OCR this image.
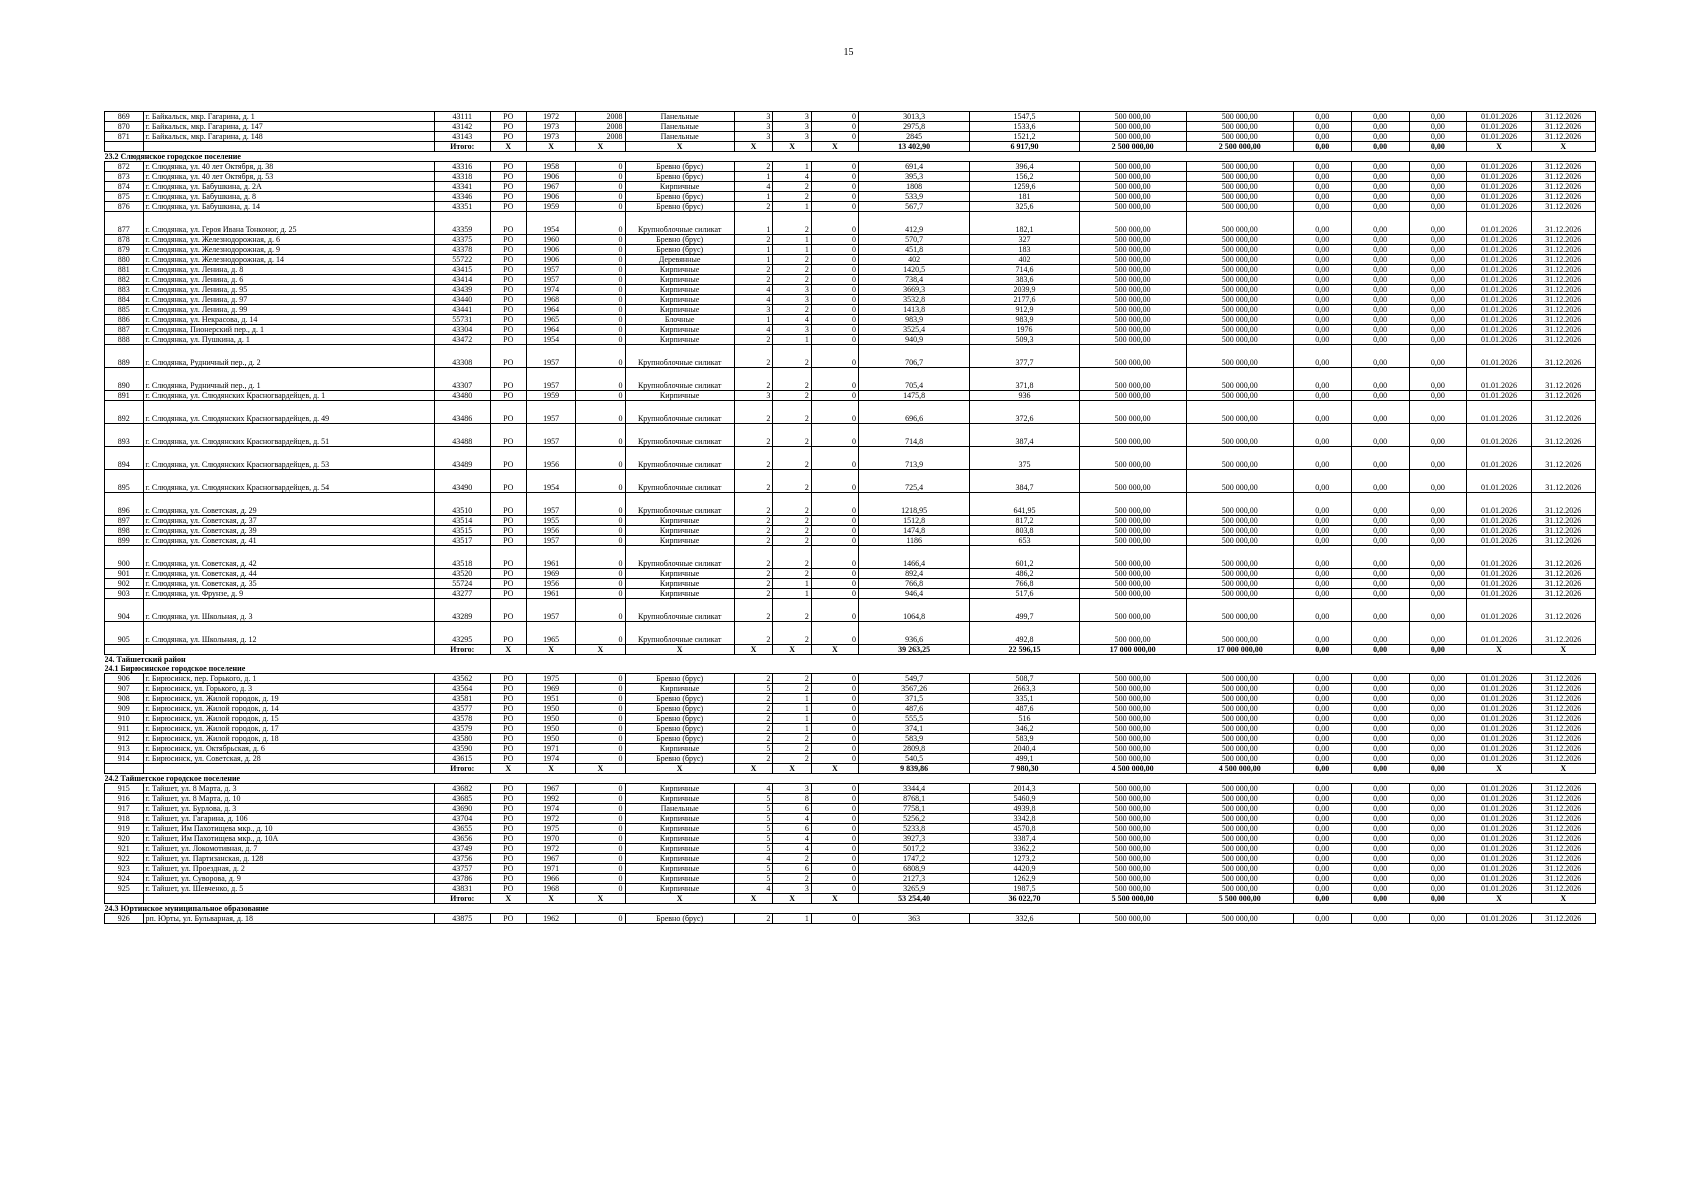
15
869	г. Байкальск, мкр. Гагарина, д. 1	43111	РО	1972	2008	Панельные	3	3	0	3013,3	1547,5	500 000,00	500 000,00	0,00	0,00	0,00	01.01.2026	31.12.2026
870	г. Байкальск, мкр. Гагарина, д. 147	43142	РО	1973	2008	Панельные	3	3	0	2975,8	1533,6	500 000,00	500 000,00	0,00	0,00	0,00	01.01.2026	31.12.2026
871	г. Байкальск, мкр. Гагарина, д. 148	43143	РО	1973	2008	Панельные	3	3	0	2845	1521,2	500 000,00	500 000,00	0,00	0,00	0,00	01.01.2026	31.12.2026
		Итого:	X	X	X	X	X	X	X	13 402,90	6 917,90	2 500 000,00	2 500 000,00	0,00	0,00	0,00	X	X
23.2 Слюдянское городское поселение																		
872	г. Слюдянка, ул. 40 лет Октября, д. 38	43316	РО	1958	0	Бревно (брус)	2	1	0	691,4	396,4	500 000,00	500 000,00	0,00	0,00	0,00	01.01.2026	31.12.2026
873	г. Слюдянка, ул. 40 лет Октября, д. 53	43318	РО	1906	0	Бревно (брус)	1	4	0	395,3	156,2	500 000,00	500 000,00	0,00	0,00	0,00	01.01.2026	31.12.2026
874	г. Слюдянка, ул. Бабушкина, д. 2А	43341	РО	1967	0	Кирпичные	4	2	0	1808	1259,6	500 000,00	500 000,00	0,00	0,00	0,00	01.01.2026	31.12.2026
875	г. Слюдянка, ул. Бабушкина, д. 8	43346	РО	1906	0	Бревно (брус)	1	2	0	533,9	181	500 000,00	500 000,00	0,00	0,00	0,00	01.01.2026	31.12.2026
876	г. Слюдянка, ул. Бабушкина, д. 14	43351	РО	1959	0	Бревно (брус)	2	1	0	567,7	325,6	500 000,00	500 000,00	0,00	0,00	0,00	01.01.2026	31.12.2026
877	г. Слюдянка, ул. Героя Ивана Тонконог, д. 25	43359	РО	1954	0	Крупноблочные силикат	1	2	0	412,9	182,1	500 000,00	500 000,00	0,00	0,00	0,00	01.01.2026	31.12.2026
878	г. Слюдянка, ул. Железнодорожная, д. 6	43375	РО	1960	0	Бревно (брус)	2	1	0	570,7	327	500 000,00	500 000,00	0,00	0,00	0,00	01.01.2026	31.12.2026
879	г. Слюдянка, ул. Железнодорожная, д. 9	43378	РО	1906	0	Бревно (брус)	1	1	0	451,8	183	500 000,00	500 000,00	0,00	0,00	0,00	01.01.2026	31.12.2026
880	г. Слюдянка, ул. Железнодорожная, д. 14	55722	РО	1906	0	Деревянные	1	2	0	402	402	500 000,00	500 000,00	0,00	0,00	0,00	01.01.2026	31.12.2026
881	г. Слюдянка, ул. Ленина, д. 8	43415	РО	1957	0	Кирпичные	2	2	0	1420,5	714,6	500 000,00	500 000,00	0,00	0,00	0,00	01.01.2026	31.12.2026
882	г. Слюдянка, ул. Ленина, д. 6	43414	РО	1957	0	Кирпичные	2	2	0	738,4	383,6	500 000,00	500 000,00	0,00	0,00	0,00	01.01.2026	31.12.2026
883	г. Слюдянка, ул. Ленина, д. 95	43439	РО	1974	0	Кирпичные	4	3	0	3669,3	2039,9	500 000,00	500 000,00	0,00	0,00	0,00	01.01.2026	31.12.2026
884	г. Слюдянка, ул. Ленина, д. 97	43440	РО	1968	0	Кирпичные	4	3	0	3532,8	2177,6	500 000,00	500 000,00	0,00	0,00	0,00	01.01.2026	31.12.2026
885	г. Слюдянка, ул. Ленина, д. 99	43441	РО	1964	0	Кирпичные	3	2	0	1413,8	912,9	500 000,00	500 000,00	0,00	0,00	0,00	01.01.2026	31.12.2026
886	г. Слюдянка, ул. Некрасова, д. 14	55731	РО	1965	0	Блочные	1	4	0	983,9	983,9	500 000,00	500 000,00	0,00	0,00	0,00	01.01.2026	31.12.2026
887	г. Слюдянка, Пионерский пер., д. 1	43304	РО	1964	0	Кирпичные	4	3	0	3525,4	1976	500 000,00	500 000,00	0,00	0,00	0,00	01.01.2026	31.12.2026
888	г. Слюдянка, ул. Пушкина, д. 1	43472	РО	1954	0	Кирпичные	2	1	0	940,9	509,3	500 000,00	500 000,00	0,00	0,00	0,00	01.01.2026	31.12.2026
889	г. Слюдянка, Рудничный пер., д. 2	43308	РО	1957	0	Крупноблочные силикат	2	2	0	706,7	377,7	500 000,00	500 000,00	0,00	0,00	0,00	01.01.2026	31.12.2026
890	г. Слюдянка, Рудничный пер., д. 1	43307	РО	1957	0	Крупноблочные силикат	2	2	0	705,4	371,8	500 000,00	500 000,00	0,00	0,00	0,00	01.01.2026	31.12.2026
891	г. Слюдянка, ул. Слюдянских Красногвардейцев, д. 1	43480	РО	1959	0	Кирпичные	3	2	0	1475,8	936	500 000,00	500 000,00	0,00	0,00	0,00	01.01.2026	31.12.2026
892	г. Слюдянка, ул. Слюдянских Красногвардейцев, д. 49	43486	РО	1957	0	Крупноблочные силикат	2	2	0	696,6	372,6	500 000,00	500 000,00	0,00	0,00	0,00	01.01.2026	31.12.2026
893	г. Слюдянка, ул. Слюдянских Красногвардейцев, д. 51	43488	РО	1957	0	Крупноблочные силикат	2	2	0	714,8	387,4	500 000,00	500 000,00	0,00	0,00	0,00	01.01.2026	31.12.2026
894	г. Слюдянка, ул. Слюдянских Красногвардейцев, д. 53	43489	РО	1956	0	Крупноблочные силикат	2	2	0	713,9	375	500 000,00	500 000,00	0,00	0,00	0,00	01.01.2026	31.12.2026
895	г. Слюдянка, ул. Слюдянских Красногвардейцев, д. 54	43490	РО	1954	0	Крупноблочные силикат	2	2	0	725,4	384,7	500 000,00	500 000,00	0,00	0,00	0,00	01.01.2026	31.12.2026
896	г. Слюдянка, ул. Советская, д. 29	43510	РО	1957	0	Крупноблочные силикат	2	2	0	1218,95	641,95	500 000,00	500 000,00	0,00	0,00	0,00	01.01.2026	31.12.2026
897	г. Слюдянка, ул. Советская, д. 37	43514	РО	1955	0	Кирпичные	2	2	0	1512,8	817,2	500 000,00	500 000,00	0,00	0,00	0,00	01.01.2026	31.12.2026
898	г. Слюдянка, ул. Советская, д. 39	43515	РО	1956	0	Кирпичные	2	2	0	1474,8	803,8	500 000,00	500 000,00	0,00	0,00	0,00	01.01.2026	31.12.2026
899	г. Слюдянка, ул. Советская, д. 41	43517	РО	1957	0	Кирпичные	2	2	0	1186	653	500 000,00	500 000,00	0,00	0,00	0,00	01.01.2026	31.12.2026
900	г. Слюдянка, ул. Советская, д. 42	43518	РО	1961	0	Крупноблочные силикат	2	2	0	1466,4	601,2	500 000,00	500 000,00	0,00	0,00	0,00	01.01.2026	31.12.2026
901	г. Слюдянка, ул. Советская, д. 44	43520	РО	1969	0	Кирпичные	2	2	0	892,4	486,2	500 000,00	500 000,00	0,00	0,00	0,00	01.01.2026	31.12.2026
902	г. Слюдянка, ул. Советская, д. 35	55724	РО	1956	0	Кирпичные	2	1	0	766,8	766,8	500 000,00	500 000,00	0,00	0,00	0,00	01.01.2026	31.12.2026
903	г. Слюдянка, ул. Фрунзе, д. 9	43277	РО	1961	0	Кирпичные	2	1	0	946,4	517,6	500 000,00	500 000,00	0,00	0,00	0,00	01.01.2026	31.12.2026
904	г. Слюдянка, ул. Школьная, д. 3	43289	РО	1957	0	Крупноблочные силикат	2	2	0	1064,8	499,7	500 000,00	500 000,00	0,00	0,00	0,00	01.01.2026	31.12.2026
905	г. Слюдянка, ул. Школьная, д. 12	43295	РО	1965	0	Крупноблочные силикат	2	2	0	936,6	492,8	500 000,00	500 000,00	0,00	0,00	0,00	01.01.2026	31.12.2026
		Итого:	X	X	X	X	X	X	X	39 263,25	22 596,15	17 000 000,00	17 000 000,00	0,00	0,00	0,00	X	X
24. Тайшетский район																		
24.1 Бирюсинское городское поселение																		
906	г. Бирюсинск, пер. Горького, д. 1	43562	РО	1975	0	Бревно (брус)	2	2	0	549,7	508,7	500 000,00	500 000,00	0,00	0,00	0,00	01.01.2026	31.12.2026
907	г. Бирюсинск, ул. Горького, д. 3	43564	РО	1969	0	Кирпичные	5	2	0	3567,26	2663,3	500 000,00	500 000,00	0,00	0,00	0,00	01.01.2026	31.12.2026
908	г. Бирюсинск, ул. Жилой городок, д. 19	43581	РО	1951	0	Бревно (брус)	2	1	0	371,5	335,1	500 000,00	500 000,00	0,00	0,00	0,00	01.01.2026	31.12.2026
909	г. Бирюсинск, ул. Жилой городок, д. 14	43577	РО	1950	0	Бревно (брус)	2	1	0	487,6	487,6	500 000,00	500 000,00	0,00	0,00	0,00	01.01.2026	31.12.2026
910	г. Бирюсинск, ул. Жилой городок, д. 15	43578	РО	1950	0	Бревно (брус)	2	1	0	555,5	516	500 000,00	500 000,00	0,00	0,00	0,00	01.01.2026	31.12.2026
911	г. Бирюсинск, ул. Жилой городок, д. 17	43579	РО	1950	0	Бревно (брус)	2	1	0	374,1	346,2	500 000,00	500 000,00	0,00	0,00	0,00	01.01.2026	31.12.2026
912	г. Бирюсинск, ул. Жилой городок, д. 18	43580	РО	1950	0	Бревно (брус)	2	2	0	583,9	583,9	500 000,00	500 000,00	0,00	0,00	0,00	01.01.2026	31.12.2026
913	г. Бирюсинск, ул. Октябрьская, д. 6	43590	РО	1971	0	Кирпичные	5	2	0	2809,8	2040,4	500 000,00	500 000,00	0,00	0,00	0,00	01.01.2026	31.12.2026
914	г. Бирюсинск, ул. Советская, д. 28	43615	РО	1974	0	Бревно (брус)	2	2	0	540,5	499,1	500 000,00	500 000,00	0,00	0,00	0,00	01.01.2026	31.12.2026
		Итого:	X	X	X	X	X	X	X	9 839,86	7 980,30	4 500 000,00	4 500 000,00	0,00	0,00	0,00	X	X
24.2 Тайшетское городское поселение																		
915	г. Тайшет, ул. 8 Марта, д. 3	43682	РО	1967	0	Кирпичные	4	3	0	3344,4	2014,3	500 000,00	500 000,00	0,00	0,00	0,00	01.01.2026	31.12.2026
916	г. Тайшет, ул. 8 Марта, д. 10	43685	РО	1992	0	Кирпичные	5	8	0	8768,1	5460,9	500 000,00	500 000,00	0,00	0,00	0,00	01.01.2026	31.12.2026
917	г. Тайшет, ул. Бурлова, д. 3	43690	РО	1974	0	Панельные	5	6	0	7758,1	4939,8	500 000,00	500 000,00	0,00	0,00	0,00	01.01.2026	31.12.2026
918	г. Тайшет, ул. Гагарина, д. 106	43704	РО	1972	0	Кирпичные	5	4	0	5256,2	3342,8	500 000,00	500 000,00	0,00	0,00	0,00	01.01.2026	31.12.2026
919	г. Тайшет, Им Пахотищева мкр., д. 10	43655	РО	1975	0	Кирпичные	5	6	0	5233,8	4570,8	500 000,00	500 000,00	0,00	0,00	0,00	01.01.2026	31.12.2026
920	г. Тайшет, Им Пахотищева мкр., д. 10А	43656	РО	1970	0	Кирпичные	5	4	0	3927,3	3387,4	500 000,00	500 000,00	0,00	0,00	0,00	01.01.2026	31.12.2026
921	г. Тайшет, ул. Локомотивная, д. 7	43749	РО	1972	0	Кирпичные	5	4	0	5017,2	3362,2	500 000,00	500 000,00	0,00	0,00	0,00	01.01.2026	31.12.2026
922	г. Тайшет, ул. Партизанская, д. 128	43756	РО	1967	0	Кирпичные	4	2	0	1747,2	1273,2	500 000,00	500 000,00	0,00	0,00	0,00	01.01.2026	31.12.2026
923	г. Тайшет, ул. Проездная, д. 2	43757	РО	1971	0	Кирпичные	5	6	0	6808,9	4420,9	500 000,00	500 000,00	0,00	0,00	0,00	01.01.2026	31.12.2026
924	г. Тайшет, ул. Суворова, д. 9	43786	РО	1966	0	Кирпичные	5	2	0	2127,3	1262,9	500 000,00	500 000,00	0,00	0,00	0,00	01.01.2026	31.12.2026
925	г. Тайшет, ул. Шевченко, д. 5	43831	РО	1968	0	Кирпичные	4	3	0	3265,9	1987,5	500 000,00	500 000,00	0,00	0,00	0,00	01.01.2026	31.12.2026
		Итого:	X	X	X	X	X	X	X	53 254,40	36 022,70	5 500 000,00	5 500 000,00	0,00	0,00	0,00	X	X
24.3 Юртинское муниципальное образование																		
926	рп. Юрты, ул. Бульварная, д. 18	43875	РО	1962	0	Бревно (брус)	2	1	0	363	332,6	500 000,00	500 000,00	0,00	0,00	0,00	01.01.2026	31.12.2026
